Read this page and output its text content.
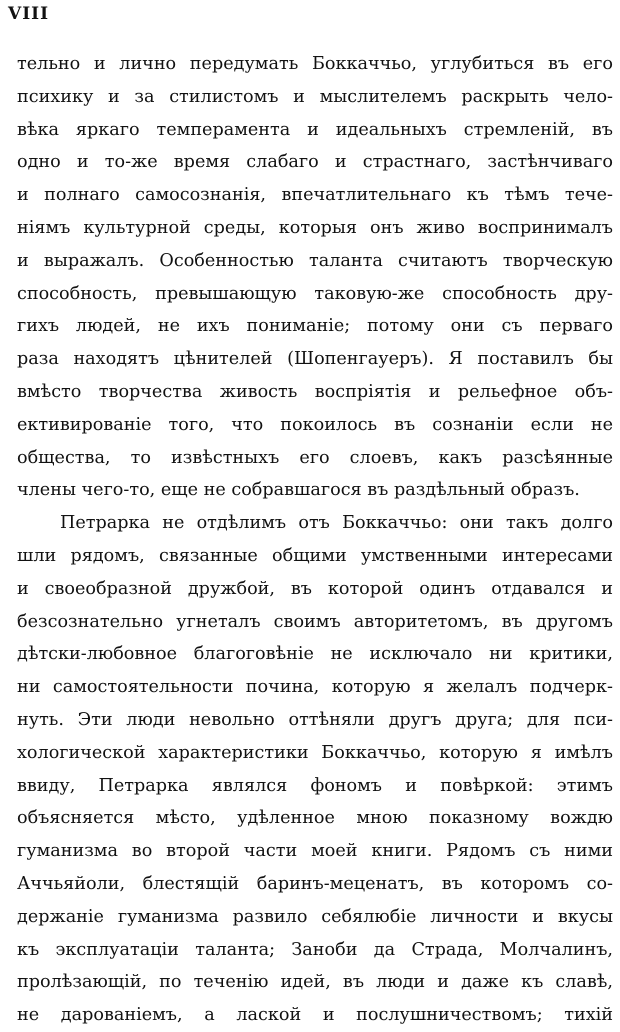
VIII
тельно и лично передумать Боккаччьо, углубиться въ его
психику и за стилистомъ и мыслителемъ раскрыть чело-
вѣка яркаго темперамента и идеальныхъ стремленій, въ
одно и то-же время слабаго и страстнаго, застѣнчиваго
и полнаго самосознанія, впечатлительнаго къ тѣмъ тече-
ніямъ культурной среды, которыя онъ живо воспринималъ
и выражалъ. Особенностью таланта считаютъ творческую
способность, превышающую таковую-же способность дру-
гихъ людей, не ихъ пониманіе; потому они съ перваго
раза находятъ цѣнителей (Шопенгауеръ). Я поставилъ бы
вмѣсто творчества живость воспріятія и рельефное объ-
ективированіе того, что покоилось въ сознаніи если не
общества, то извѣстныхъ его слоевъ, какъ разсѣянные
члены чего-то, еще не собравшагося въ раздѣльный образъ.
Петрарка не отдѣлимъ отъ Боккаччьо: они такъ долго
шли рядомъ, связанные общими умственными интересами
и своеобразной дружбой, въ которой одинъ отдавался и
безсознательно угнеталъ своимъ авторитетомъ, въ другомъ
дѣтски-любовное благоговѣніе не исключало ни критики,
ни самостоятельности почина, которую я желалъ подчерк-
нуть. Эти люди невольно оттѣняли другъ друга; для пси-
хологической характеристики Боккаччьо, которую я имѣлъ
ввиду, Петрарка являлся фономъ и повѣркой: этимъ
объясняется мѣсто, удѣленное мною показному вождю
гуманизма во второй части моей книги. Рядомъ съ ними
Аччьяйоли, блестящій баринъ-меценатъ, въ которомъ со-
держаніе гуманизма развило себялюбіе личности и вкусы
къ эксплуатаціи таланта; Заноби да Страда, Молчалинъ,
пролѣзающій, по теченію идей, въ люди и даже къ славѣ,
не дарованіемъ, а лаской и послушничествомъ; тихій
